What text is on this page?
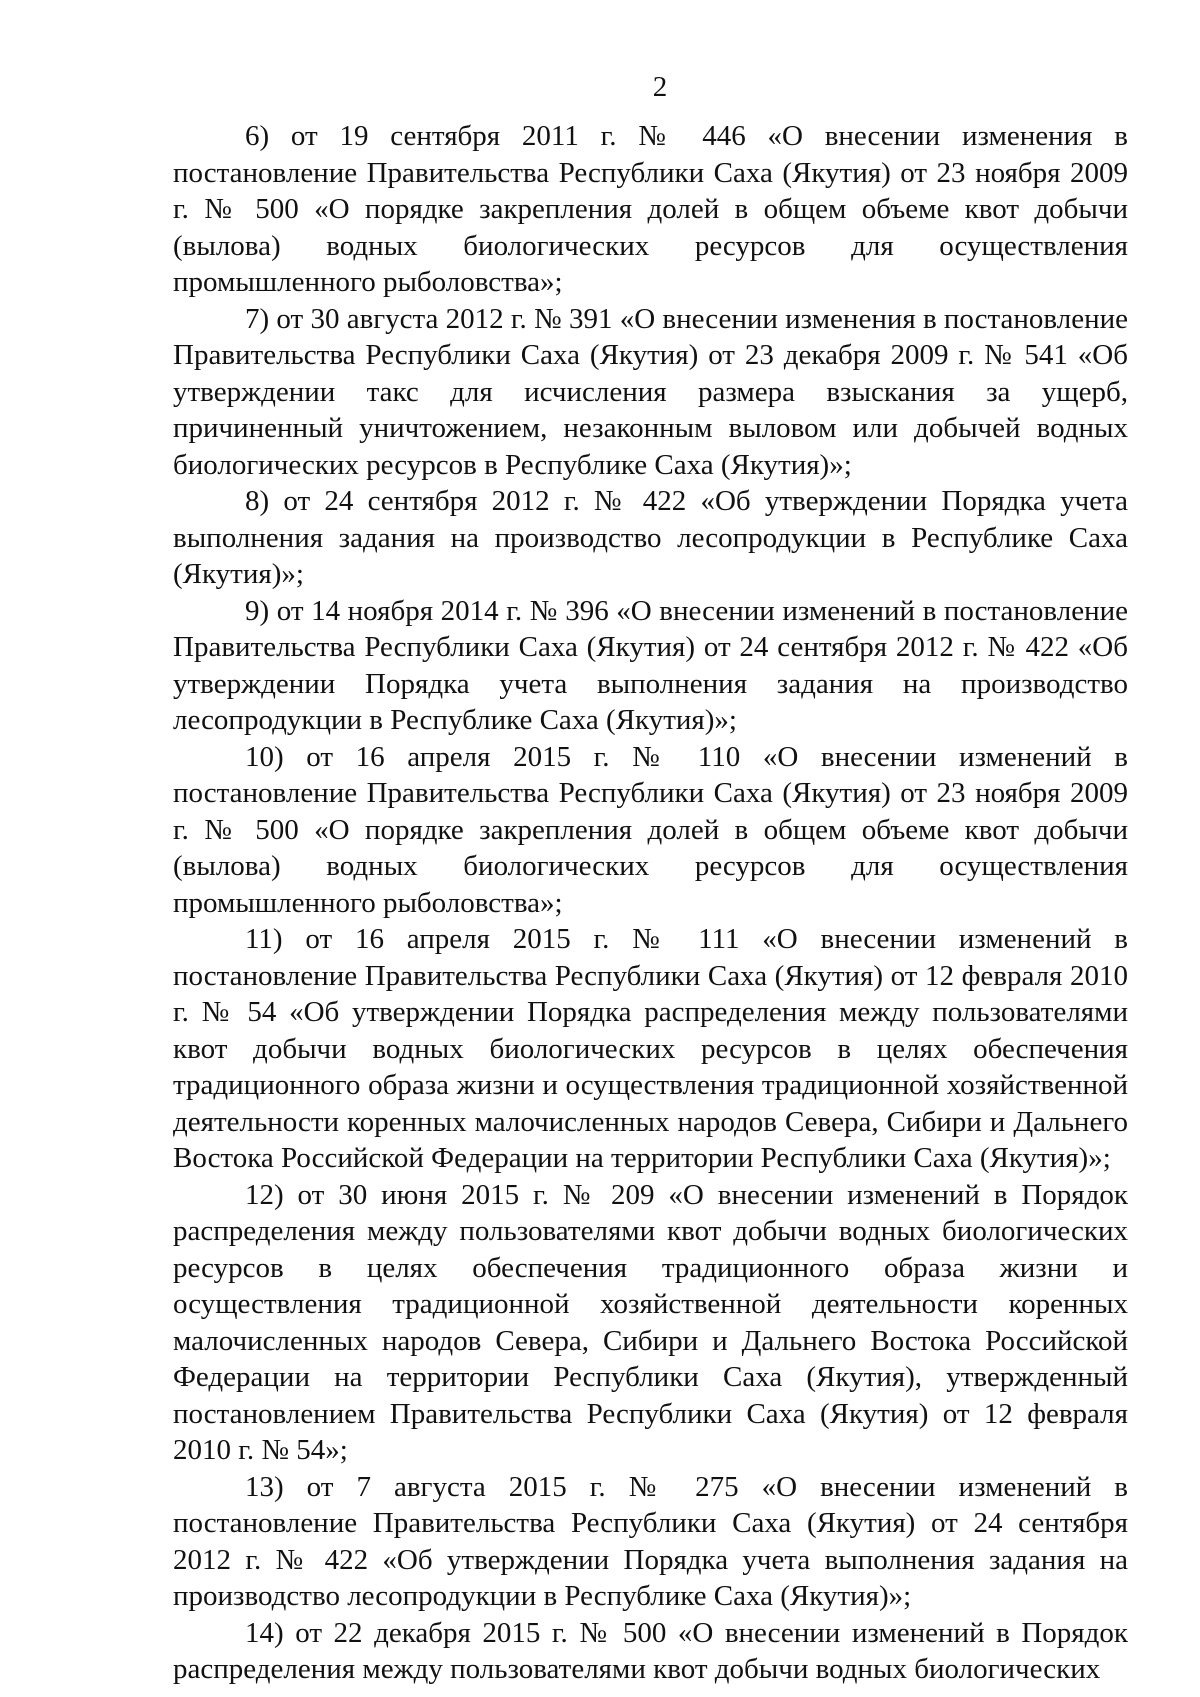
2

6) от 19 сентября 2011 г. № 446 «О внесении изменения в постановление Правительства Республики Саха (Якутия) от 23 ноября 2009 г. № 500 «О порядке закрепления долей в общем объеме квот добычи (вылова) водных биологических ресурсов для осуществления промышленного рыболовства»;

7) от 30 августа 2012 г. № 391 «О внесении изменения в постановление Правительства Республики Саха (Якутия) от 23 декабря 2009 г. № 541 «Об утверждении такс для исчисления размера взыскания за ущерб, причиненный уничтожением, незаконным выловом или добычей водных биологических ресурсов в Республике Саха (Якутия)»;

8) от 24 сентября 2012 г. № 422 «Об утверждении Порядка учета выполнения задания на производство лесопродукции в Республике Саха (Якутия)»;

9) от 14 ноября 2014 г. № 396 «О внесении изменений в постановление Правительства Республики Саха (Якутия) от 24 сентября 2012 г. № 422 «Об утверждении Порядка учета выполнения задания на производство лесопродукции в Республике Саха (Якутия)»;

10) от 16 апреля 2015 г. № 110 «О внесении изменений в постановление Правительства Республики Саха (Якутия) от 23 ноября 2009 г. № 500 «О порядке закрепления долей в общем объеме квот добычи (вылова) водных биологических ресурсов для осуществления промышленного рыболовства»;

11) от 16 апреля 2015 г. № 111 «О внесении изменений в постановление Правительства Республики Саха (Якутия) от 12 февраля 2010 г. № 54 «Об утверждении Порядка распределения между пользователями квот добычи водных биологических ресурсов в целях обеспечения традиционного образа жизни и осуществления традиционной хозяйственной деятельности коренных малочисленных народов Севера, Сибири и Дальнего Востока Российской Федерации на территории Республики Саха (Якутия)»;

12) от 30 июня 2015 г. № 209 «О внесении изменений в Порядок распределения между пользователями квот добычи водных биологических ресурсов в целях обеспечения традиционного образа жизни и осуществления традиционной хозяйственной деятельности коренных малочисленных народов Севера, Сибири и Дальнего Востока Российской Федерации на территории Республики Саха (Якутия), утвержденный постановлением Правительства Республики Саха (Якутия) от 12 февраля 2010 г. № 54»;

13) от 7 августа 2015 г. № 275 «О внесении изменений в постановление Правительства Республики Саха (Якутия) от 24 сентября 2012 г. № 422 «Об утверждении Порядка учета выполнения задания на производство лесопродукции в Республике Саха (Якутия)»;

14) от 22 декабря 2015 г. № 500 «О внесении изменений в Порядок распределения между пользователями квот добычи водных биологических
